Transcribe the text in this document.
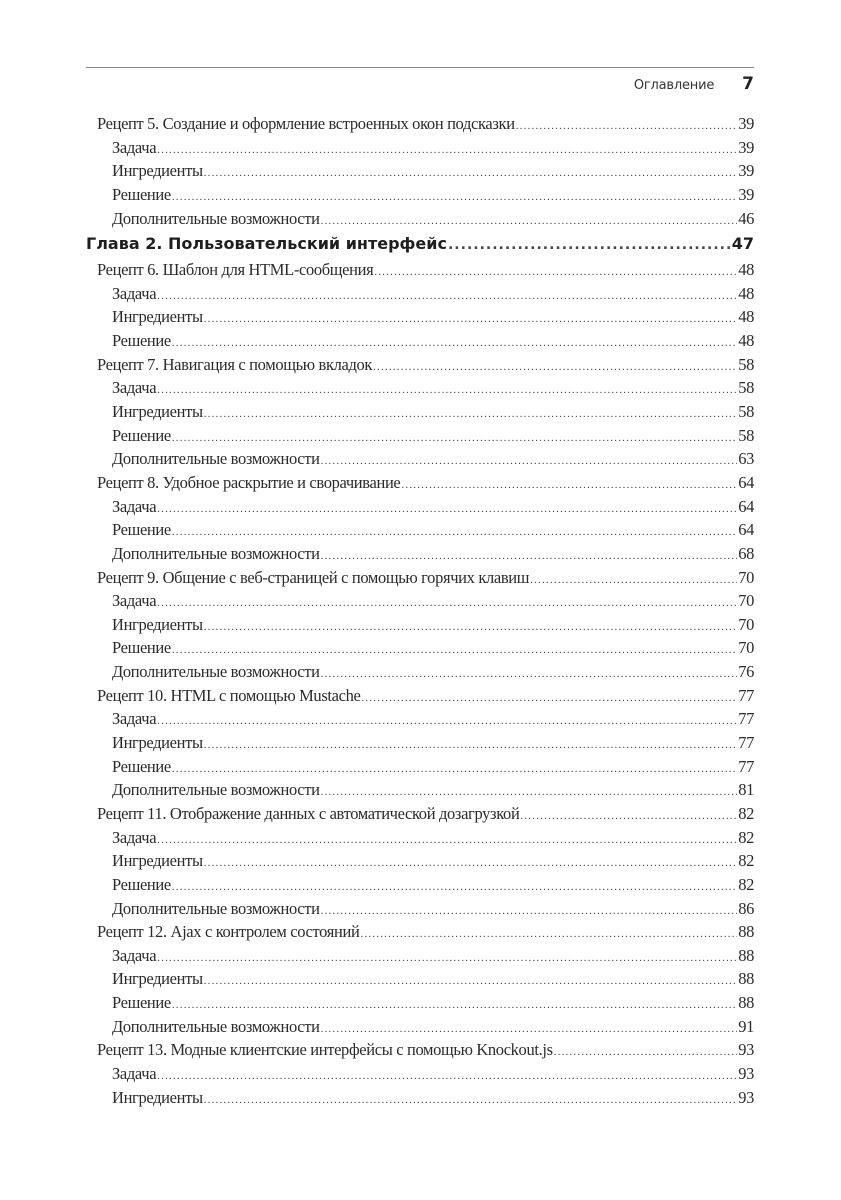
Оглавление 7
Рецепт 5. Создание и оформление встроенных окон подсказки .....	39
Задача .....	39
Ингредиенты .....	39
Решение .....	39
Дополнительные возможности .....	46
Глава 2. Пользовательский интерфейс .....	47
Рецепт 6. Шаблон для HTML-сообщения .....	48
Задача .....	48
Ингредиенты .....	48
Решение .....	48
Рецепт 7. Навигация с помощью вкладок .....	58
Задача .....	58
Ингредиенты .....	58
Решение .....	58
Дополнительные возможности .....	63
Рецепт 8. Удобное раскрытие и сворачивание .....	64
Задача .....	64
Решение .....	64
Дополнительные возможности .....	68
Рецепт 9. Общение с веб-страницей с помощью горячих клавиш .....	70
Задача .....	70
Ингредиенты .....	70
Решение .....	70
Дополнительные возможности .....	76
Рецепт 10. HTML с помощью Mustache .....	77
Задача .....	77
Ингредиенты .....	77
Решение .....	77
Дополнительные возможности .....	81
Рецепт 11. Отображение данных с автоматической дозагрузкой .....	82
Задача .....	82
Ингредиенты .....	82
Решение .....	82
Дополнительные возможности .....	86
Рецепт 12. Ajax с контролем состояний .....	88
Задача .....	88
Ингредиенты .....	88
Решение .....	88
Дополнительные возможности .....	91
Рецепт 13. Модные клиентские интерфейсы с помощью Knockout.js .....	93
Задача .....	93
Ингредиенты .....	93
